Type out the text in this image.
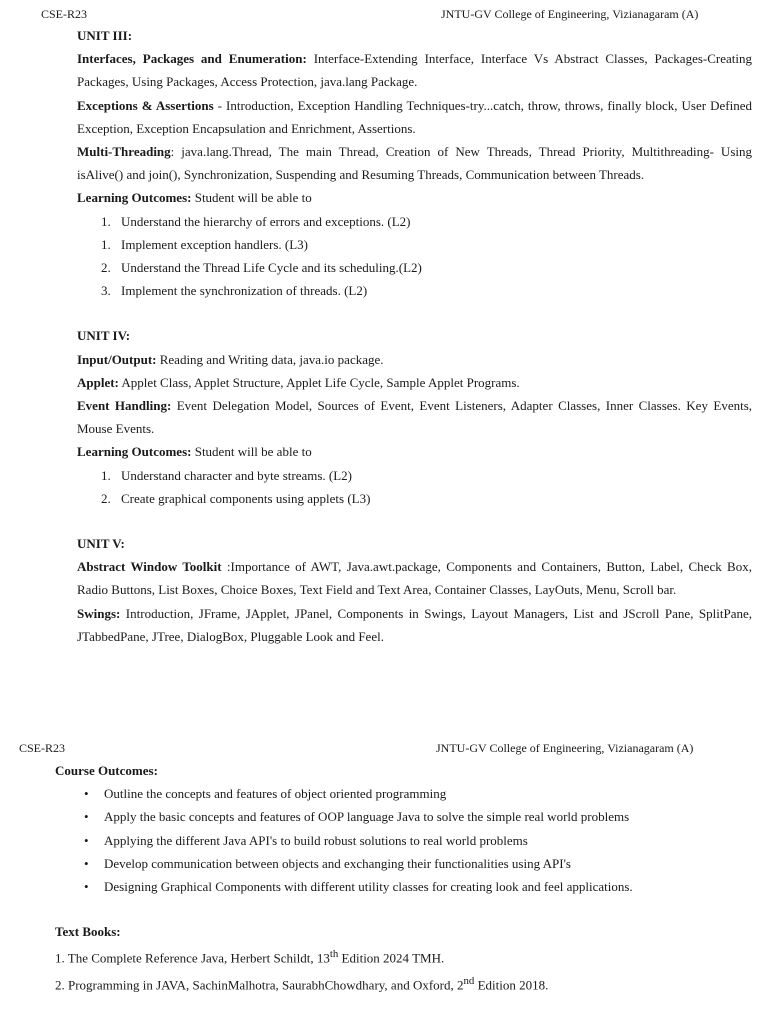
CSE-R23	JNTU-GV College of Engineering, Vizianagaram (A)

UNIT III:

Interfaces, Packages and Enumeration: Interface-Extending Interface, Interface Vs Abstract Classes, Packages-Creating Packages, Using Packages, Access Protection, java.lang Package.

Exceptions & Assertions - Introduction, Exception Handling Techniques-try...catch, throw, throws, finally block, User Defined Exception, Exception Encapsulation and Enrichment, Assertions.

Multi-Threading: java.lang.Thread, The main Thread, Creation of New Threads, Thread Priority, Multithreading- Using isAlive() and join(), Synchronization, Suspending and Resuming Threads, Communication between Threads.

Learning Outcomes: Student will be able to

1. Understand the hierarchy of errors and exceptions. (L2)
1. Implement exception handlers. (L3)
2. Understand the Thread Life Cycle and its scheduling.(L2)
3. Implement the synchronization of threads. (L2)

UNIT IV:

Input/Output: Reading and Writing data, java.io package.

Applet: Applet Class, Applet Structure, Applet Life Cycle, Sample Applet Programs.

Event Handling: Event Delegation Model, Sources of Event, Event Listeners, Adapter Classes, Inner Classes. Key Events, Mouse Events.

Learning Outcomes: Student will be able to

1. Understand character and byte streams. (L2)
2. Create graphical components using applets (L3)

UNIT V:

Abstract Window Toolkit :Importance of AWT, Java.awt.package, Components and Containers, Button, Label, Check Box, Radio Buttons, List Boxes, Choice Boxes, Text Field and Text Area, Container Classes, LayOuts, Menu, Scroll bar.

Swings: Introduction, JFrame, JApplet, JPanel, Components in Swings, Layout Managers, List and JScroll Pane, SplitPane, JTabbedPane, JTree, DialogBox, Pluggable Look and Feel.

CSE-R23	JNTU-GV College of Engineering, Vizianagaram (A)

Course Outcomes:

• Outline the concepts and features of object oriented programming
• Apply the basic concepts and features of OOP language Java to solve the simple real world problems
• Applying the different Java API's to build robust solutions to real world problems
• Develop communication between objects and exchanging their functionalities using API's
• Designing Graphical Components with different utility classes for creating look and feel applications.

Text Books:

1. The Complete Reference Java, Herbert Schildt, 13th Edition 2024 TMH.

2. Programming in JAVA, SachinMalhotra, SaurabhChowdhary, and Oxford, 2nd Edition 2018.
